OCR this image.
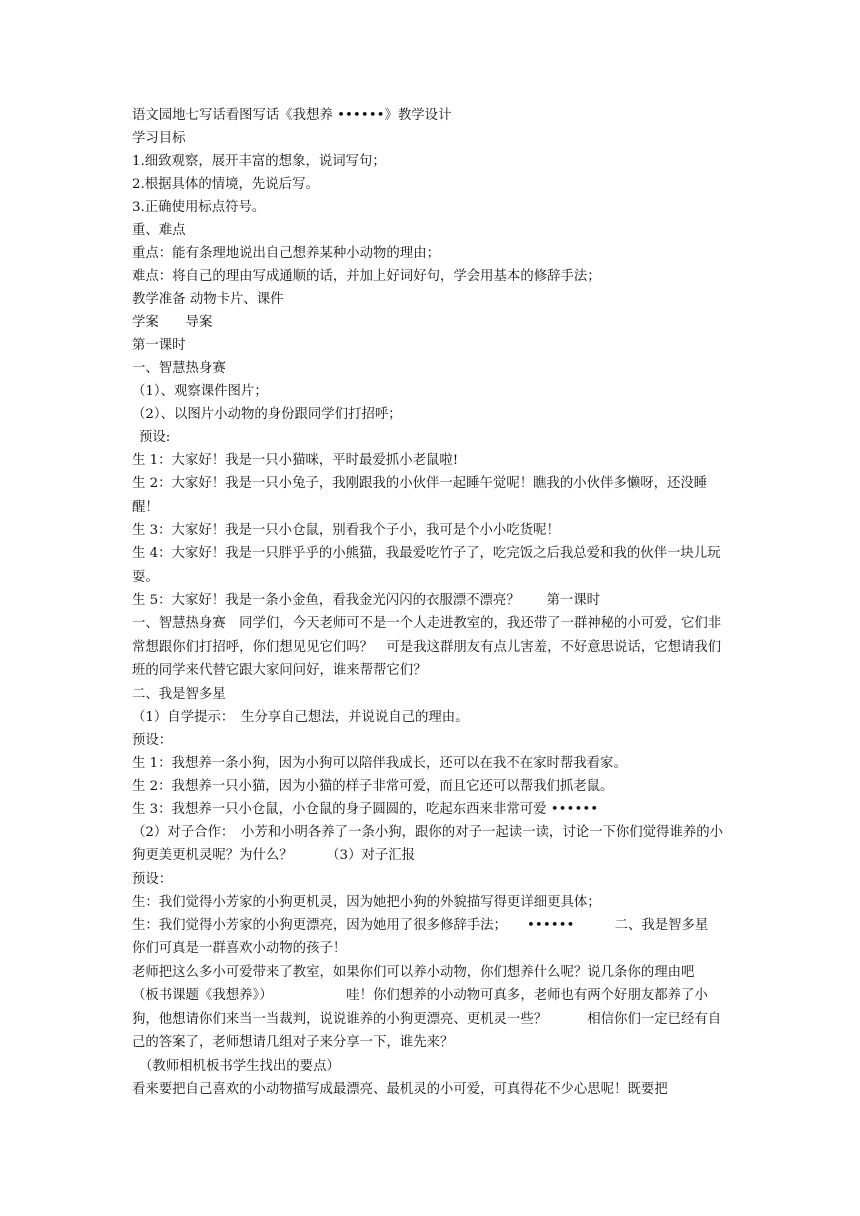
语文园地七写话看图写话《我想养 ••••••》教学设计
学习目标
1.细致观察，展开丰富的想象，说词写句；
2.根据具体的情境，先说后写。
3.正确使用标点符号。
重、难点
重点：能有条理地说出自己想养某种小动物的理由；
难点：将自己的理由写成通顺的话，并加上好词好句，学会用基本的修辞手法；
教学准备 动物卡片、课件
学案　　导案
第一课时
一、智慧热身赛
（1）、观察课件图片；
（2）、以图片小动物的身份跟同学们打招呼；
预设:
生 1：大家好！我是一只小猫咪，平时最爱抓小老鼠啦!
生 2：大家好！我是一只小兔子，我刚跟我的小伙伴一起睡午觉呢！瞧我的小伙伴多懒呀，还没睡醒！
生 3：大家好！我是一只小仓鼠，别看我个子小，我可是个小小吃货呢！
生 4：大家好！我是一只胖乎乎的小熊猫，我最爱吃竹子了，吃完饭之后我总爱和我的伙伴一块儿玩耍。
生 5：大家好！我是一条小金鱼，看我金光闪闪的衣服漂不漂亮？　　第一课时
一、智慧热身赛　同学们，今天老师可不是一个人走进教室的，我还带了一群神秘的小可爱，它们非常想跟你们打招呼，你们想见见它们吗？　可是我这群朋友有点儿害羞，不好意思说话，它想请我们班的同学来代替它跟大家问问好，谁来帮帮它们？
二、我是智多星
（1）自学提示：　生分享自己想法，并说说自己的理由。
预设：
生 1：我想养一条小狗，因为小狗可以陪伴我成长，还可以在我不在家时帮我看家。
生 2：我想养一只小猫，因为小猫的样子非常可爱，而且它还可以帮我们抓老鼠。
生 3：我想养一只小仓鼠，小仓鼠的身子圆圆的，吃起东西来非常可爱 ••••••
（2）对子合作：　小芳和小明各养了一条小狗，跟你的对子一起读一读，讨论一下你们觉得谁养的小狗更美更机灵呢？为什么？　　　（3）对子汇报
预设：
生：我们觉得小芳家的小狗更机灵，因为她把小狗的外貌描写得更详细更具体；
生：我们觉得小芳家的小狗更漂亮，因为她用了很多修辞手法；　　••••••　　　二、我是智多星　你们可真是一群喜欢小动物的孩子！
老师把这么多小可爱带来了教室，如果你们可以养小动物，你们想养什么呢？说几条你的理由吧
（板书课题《我想养》）　　　　　　哇！你们想养的小动物可真多，老师也有两个好朋友都养了小狗，他想请你们来当一当裁判，说说谁养的小狗更漂亮、更机灵一些？　　　相信你们一定已经有自己的答案了，老师想请几组对子来分享一下，谁先来？
（教师相机板书学生找出的要点）
看来要把自己喜欢的小动物描写成最漂亮、最机灵的小可爱，可真得花不少心思呢！既要把
